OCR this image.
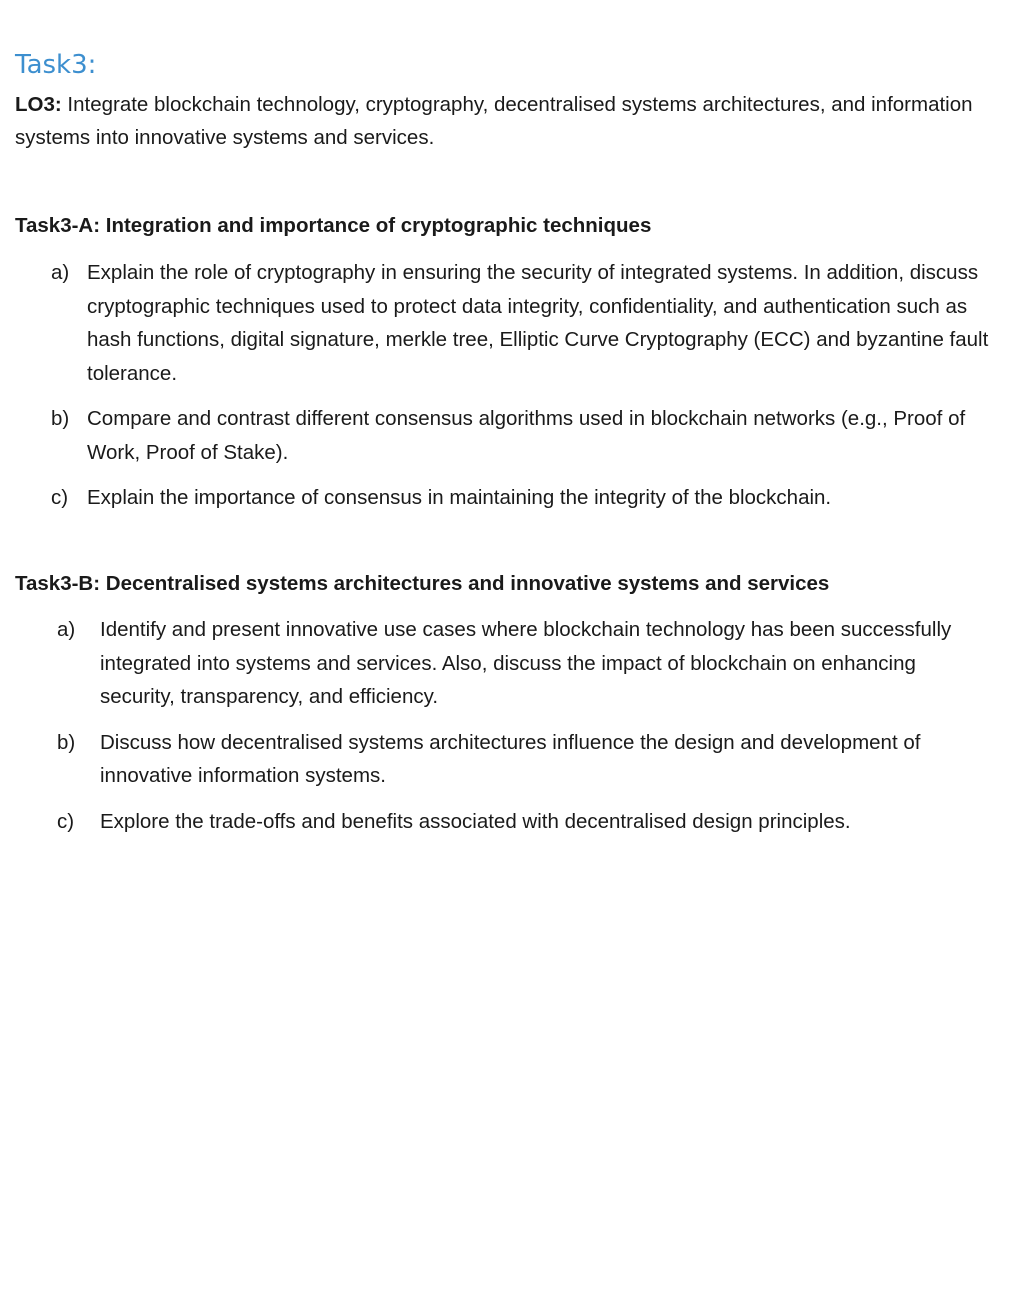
Task3:

LO3: Integrate blockchain technology, cryptography, decentralised systems architectures, and information systems into innovative systems and services.

Task3-A: Integration and importance of cryptographic techniques
a) Explain the role of cryptography in ensuring the security of integrated systems. In addition, discuss cryptographic techniques used to protect data integrity, confidentiality, and authentication such as hash functions, digital signature, merkle tree, Elliptic Curve Cryptography (ECC) and byzantine fault tolerance.
b) Compare and contrast different consensus algorithms used in blockchain networks (e.g., Proof of Work, Proof of Stake).
c) Explain the importance of consensus in maintaining the integrity of the blockchain.
Task3-B: Decentralised systems architectures and innovative systems and services
a) Identify and present innovative use cases where blockchain technology has been successfully integrated into systems and services. Also, discuss the impact of blockchain on enhancing security, transparency, and efficiency.
b) Discuss how decentralised systems architectures influence the design and development of innovative information systems.
c) Explore the trade-offs and benefits associated with decentralised design principles.
